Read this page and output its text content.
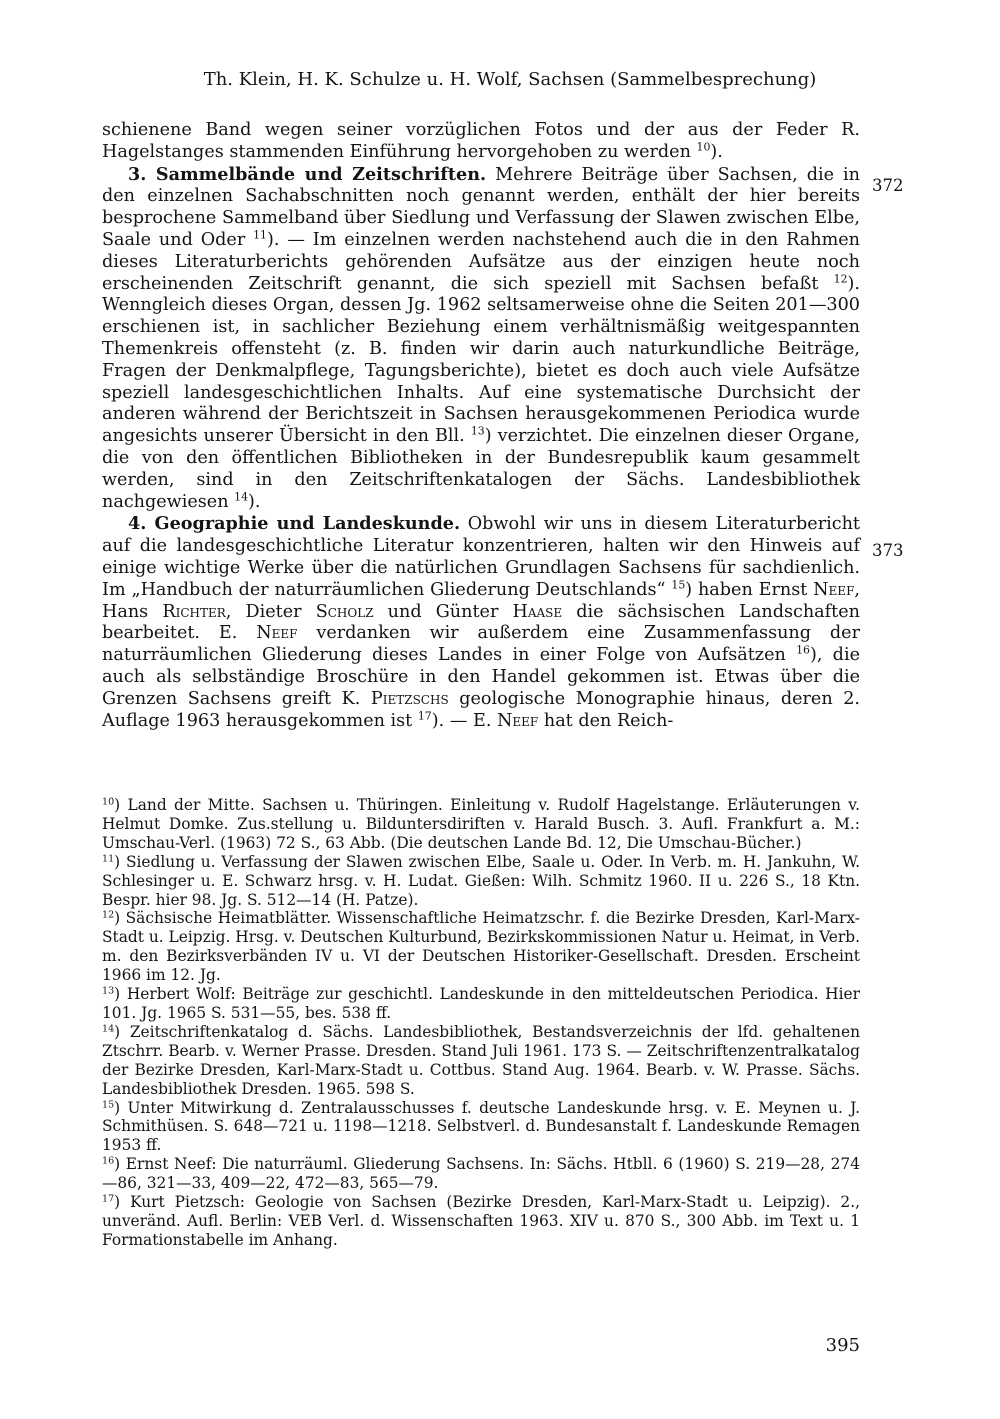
Th. Klein, H. K. Schulze u. H. Wolf, Sachsen (Sammelbesprechung)

schienene Band wegen seiner vorzüglichen Fotos und der aus der Feder R. Hagelstanges stammenden Einführung hervorgehoben zu werden $^{10}$).

3. Sammelbände und Zeitschriften. Mehrere Beiträge über Sachsen, die in den einzelnen Sachabschnitten noch genannt werden, enthält der hier bereits besprochene Sammelband über Siedlung und Verfassung der Slawen zwischen Elbe, Saale und Oder $^{11}$). — Im einzelnen werden nachstehend auch die in den Rahmen dieses Literaturberichts gehörenden Aufsätze aus der einzigen heute noch erscheinenden Zeitschrift genannt, die sich speziell mit Sachsen befaßt $^{12}$). Wenngleich dieses Organ, dessen Jg. 1962 seltsamerweise ohne die Seiten 201—300 erschienen ist, in sachlicher Beziehung einem verhältnismäßig weitgespannten Themenkreis offensteht (z. B. finden wir darin auch naturkundliche Beiträge, Fragen der Denkmalpflege, Tagungsberichte), bietet es doch auch viele Aufsätze speziell landesgeschichtlichen Inhalts. Auf eine systematische Durchsicht der anderen während der Berichtszeit in Sachsen herausgekommenen Periodica wurde angesichts unserer Übersicht in den Bll. $^{13}$) verzichtet. Die einzelnen dieser Organe, die von den öffentlichen Bibliotheken in der Bundesrepublik kaum gesammelt werden, sind in den Zeitschriftenkatalogen der Sächs. Landesbibliothek nachgewiesen $^{14}$).

4. Geographie und Landeskunde. Obwohl wir uns in diesem Literaturbericht auf die landesgeschichtliche Literatur konzentrieren, halten wir den Hinweis auf einige wichtige Werke über die natürlichen Grundlagen Sachsens für sachdienlich. Im „Handbuch der naturräumlichen Gliederung Deutschlands“ $^{15}$) haben Ernst Neef, Hans Richter, Dieter Scholz und Günter Haase die sächsischen Landschaften bearbeitet. E. Neef verdanken wir außerdem eine Zusammenfassung der naturräumlichen Gliederung dieses Landes in einer Folge von Aufsätzen $^{16}$), die auch als selbständige Broschüre in den Handel gekommen ist. Etwas über die Grenzen Sachsens greift K. Pietzschs geologische Monographie hinaus, deren 2. Auflage 1963 herausgekommen ist $^{17}$). — E. Neef hat den Reich-

372
373

$^{10}$) Land der Mitte. Sachsen u. Thüringen. Einleitung v. Rudolf Hagelstange. Erläuterungen v. Helmut Domke. Zus.stellung u. Bilduntersdiriften v. Harald Busch. 3. Aufl. Frankfurt a. M.: Umschau-Verl. (1963) 72 S., 63 Abb. (Die deutschen Lande Bd. 12, Die Umschau-Bücher.)

$^{11}$) Siedlung u. Verfassung der Slawen zwischen Elbe, Saale u. Oder. In Verb. m. H. Jankuhn, W. Schlesinger u. E. Schwarz hrsg. v. H. Ludat. Gießen: Wilh. Schmitz 1960. II u. 226 S., 18 Ktn. Bespr. hier 98. Jg. S. 512—14 (H. Patze).

$^{12}$) Sächsische Heimatblätter. Wissenschaftliche Heimatzschr. f. die Bezirke Dresden, Karl-Marx-Stadt u. Leipzig. Hrsg. v. Deutschen Kulturbund, Bezirkskommissionen Natur u. Heimat, in Verb. m. den Bezirksverbänden IV u. VI der Deutschen Historiker-Gesellschaft. Dresden. Erscheint 1966 im 12. Jg.

$^{13}$) Herbert Wolf: Beiträge zur geschichtl. Landeskunde in den mitteldeutschen Periodica. Hier 101. Jg. 1965 S. 531—55, bes. 538 ff.

$^{14}$) Zeitschriftenkatalog d. Sächs. Landesbibliothek, Bestandsverzeichnis der lfd. gehaltenen Ztschrr. Bearb. v. Werner Prasse. Dresden. Stand Juli 1961. 173 S. — Zeitschriftenzentralkatalog der Bezirke Dresden, Karl-Marx-Stadt u. Cottbus. Stand Aug. 1964. Bearb. v. W. Prasse. Sächs. Landesbibliothek Dresden. 1965. 598 S.

$^{15}$) Unter Mitwirkung d. Zentralausschusses f. deutsche Landeskunde hrsg. v. E. Meynen u. J. Schmithüsen. S. 648—721 u. 1198—1218. Selbstverl. d. Bundesanstalt f. Landeskunde Remagen 1953 ff.

$^{16}$) Ernst Neef: Die naturräuml. Gliederung Sachsens. In: Sächs. Htbll. 6 (1960) S. 219—28, 274—86, 321—33, 409—22, 472—83, 565—79.

$^{17}$) Kurt Pietzsch: Geologie von Sachsen (Bezirke Dresden, Karl-Marx-Stadt u. Leipzig). 2., unveränd. Aufl. Berlin: VEB Verl. d. Wissenschaften 1963. XIV u. 870 S., 300 Abb. im Text u. 1 Formationstabelle im Anhang.

395
